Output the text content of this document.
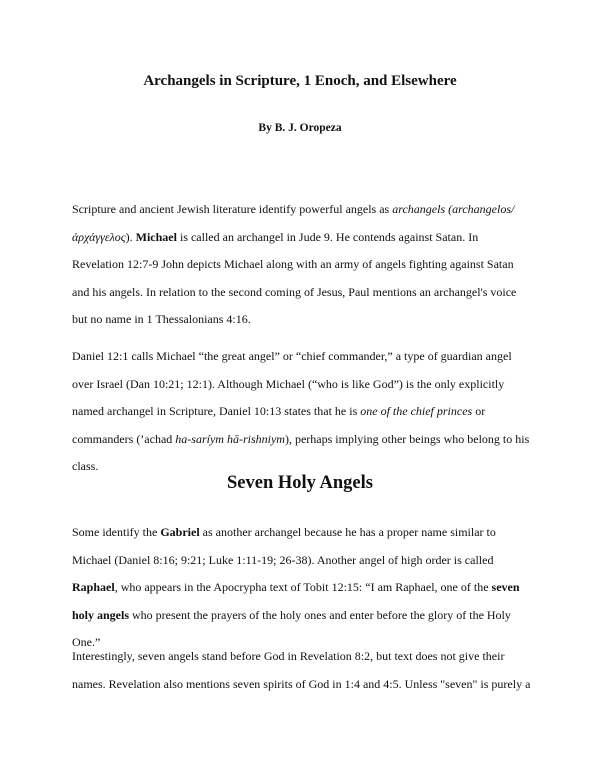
Archangels in Scripture, 1 Enoch, and Elsewhere
By B. J. Oropeza

Scripture and ancient Jewish literature identify powerful angels as archangels (archangelos/ ἀρχάγγελος). Michael is called an archangel in Jude 9. He contends against Satan. In Revelation 12:7-9 John depicts Michael along with an army of angels fighting against Satan and his angels. In relation to the second coming of Jesus, Paul mentions an archangel's voice but no name in 1 Thessalonians 4:16.

Daniel 12:1 calls Michael “the great angel” or “chief commander,” a type of guardian angel over Israel (Dan 10:21; 12:1). Although Michael (“who is like God”) is the only explicitly named archangel in Scripture, Daniel 10:13 states that he is one of the chief princes or commanders (’achad ha-saríym hā-rishniym), perhaps implying other beings who belong to his class.

Seven Holy Angels

Some identify the Gabriel as another archangel because he has a proper name similar to Michael (Daniel 8:16; 9:21; Luke 1:11-19; 26-38). Another angel of high order is called Raphael, who appears in the Apocrypha text of Tobit 12:15: “I am Raphael, one of the seven holy angels who present the prayers of the holy ones and enter before the glory of the Holy One.”

Interestingly, seven angels stand before God in Revelation 8:2, but text does not give their names. Revelation also mentions seven spirits of God in 1:4 and 4:5. Unless "seven" is purely a
